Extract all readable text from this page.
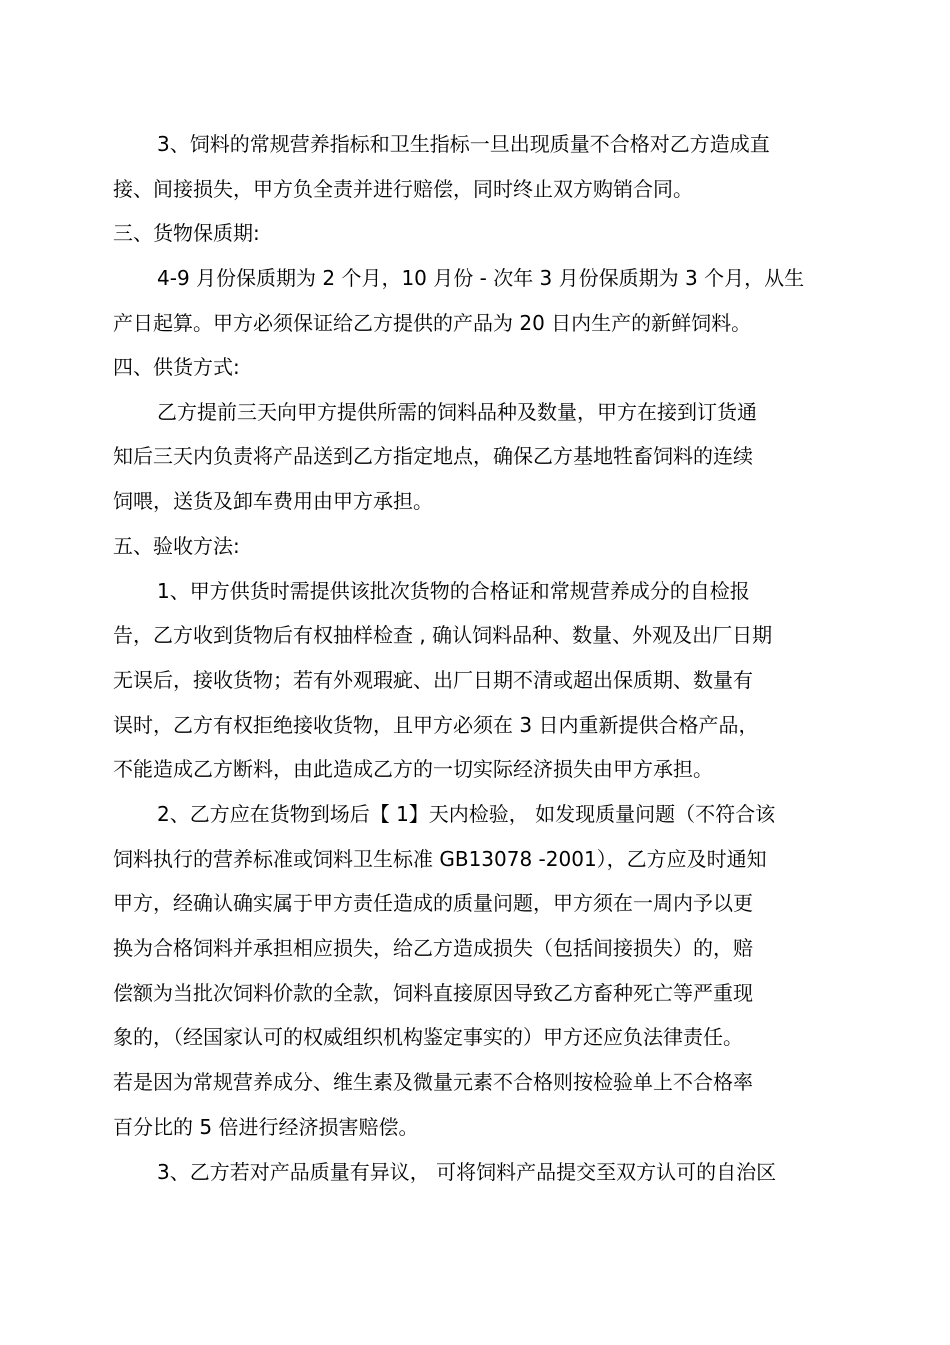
3、饲料的常规营养指标和卫生指标一旦出现质量不合格对乙方造成直

接、间接损失，甲方负全责并进行赔偿，同时终止双方购销合同。

三、货物保质期:

4-9 月份保质期为 2 个月，10 月份 - 次年 3 月份保质期为 3 个月，从生

产日起算。甲方必须保证给乙方提供的产品为 20 日内生产的新鲜饲料。

四、供货方式:

乙方提前三天向甲方提供所需的饲料品种及数量，甲方在接到订货通

知后三天内负责将产品送到乙方指定地点，确保乙方基地牲畜饲料的连续

饲喂，送货及卸车费用由甲方承担。

五、验收方法:

1、甲方供货时需提供该批次货物的合格证和常规营养成分的自检报

告，乙方收到货物后有权抽样检查 , 确认饲料品种、数量、外观及出厂日期

无误后，接收货物；若有外观瑕疵、出厂日期不清或超出保质期、数量有

误时，乙方有权拒绝接收货物，且甲方必须在 3 日内重新提供合格产品，

不能造成乙方断料，由此造成乙方的一切实际经济损失由甲方承担。

2、乙方应在货物到场后【 1】天内检验， 如发现质量问题（不符合该

饲料执行的营养标准或饲料卫生标准 GB13078 -2001），乙方应及时通知

甲方，经确认确实属于甲方责任造成的质量问题，甲方须在一周内予以更

换为合格饲料并承担相应损失，给乙方造成损失（包括间接损失）的，赔

偿额为当批次饲料价款的全款，饲料直接原因导致乙方畜种死亡等严重现

象的，（经国家认可的权威组织机构鉴定事实的）甲方还应负法律责任。

若是因为常规营养成分、维生素及微量元素不合格则按检验单上不合格率

百分比的 5 倍进行经济损害赔偿。

3、乙方若对产品质量有异议， 可将饲料产品提交至双方认可的自治区
